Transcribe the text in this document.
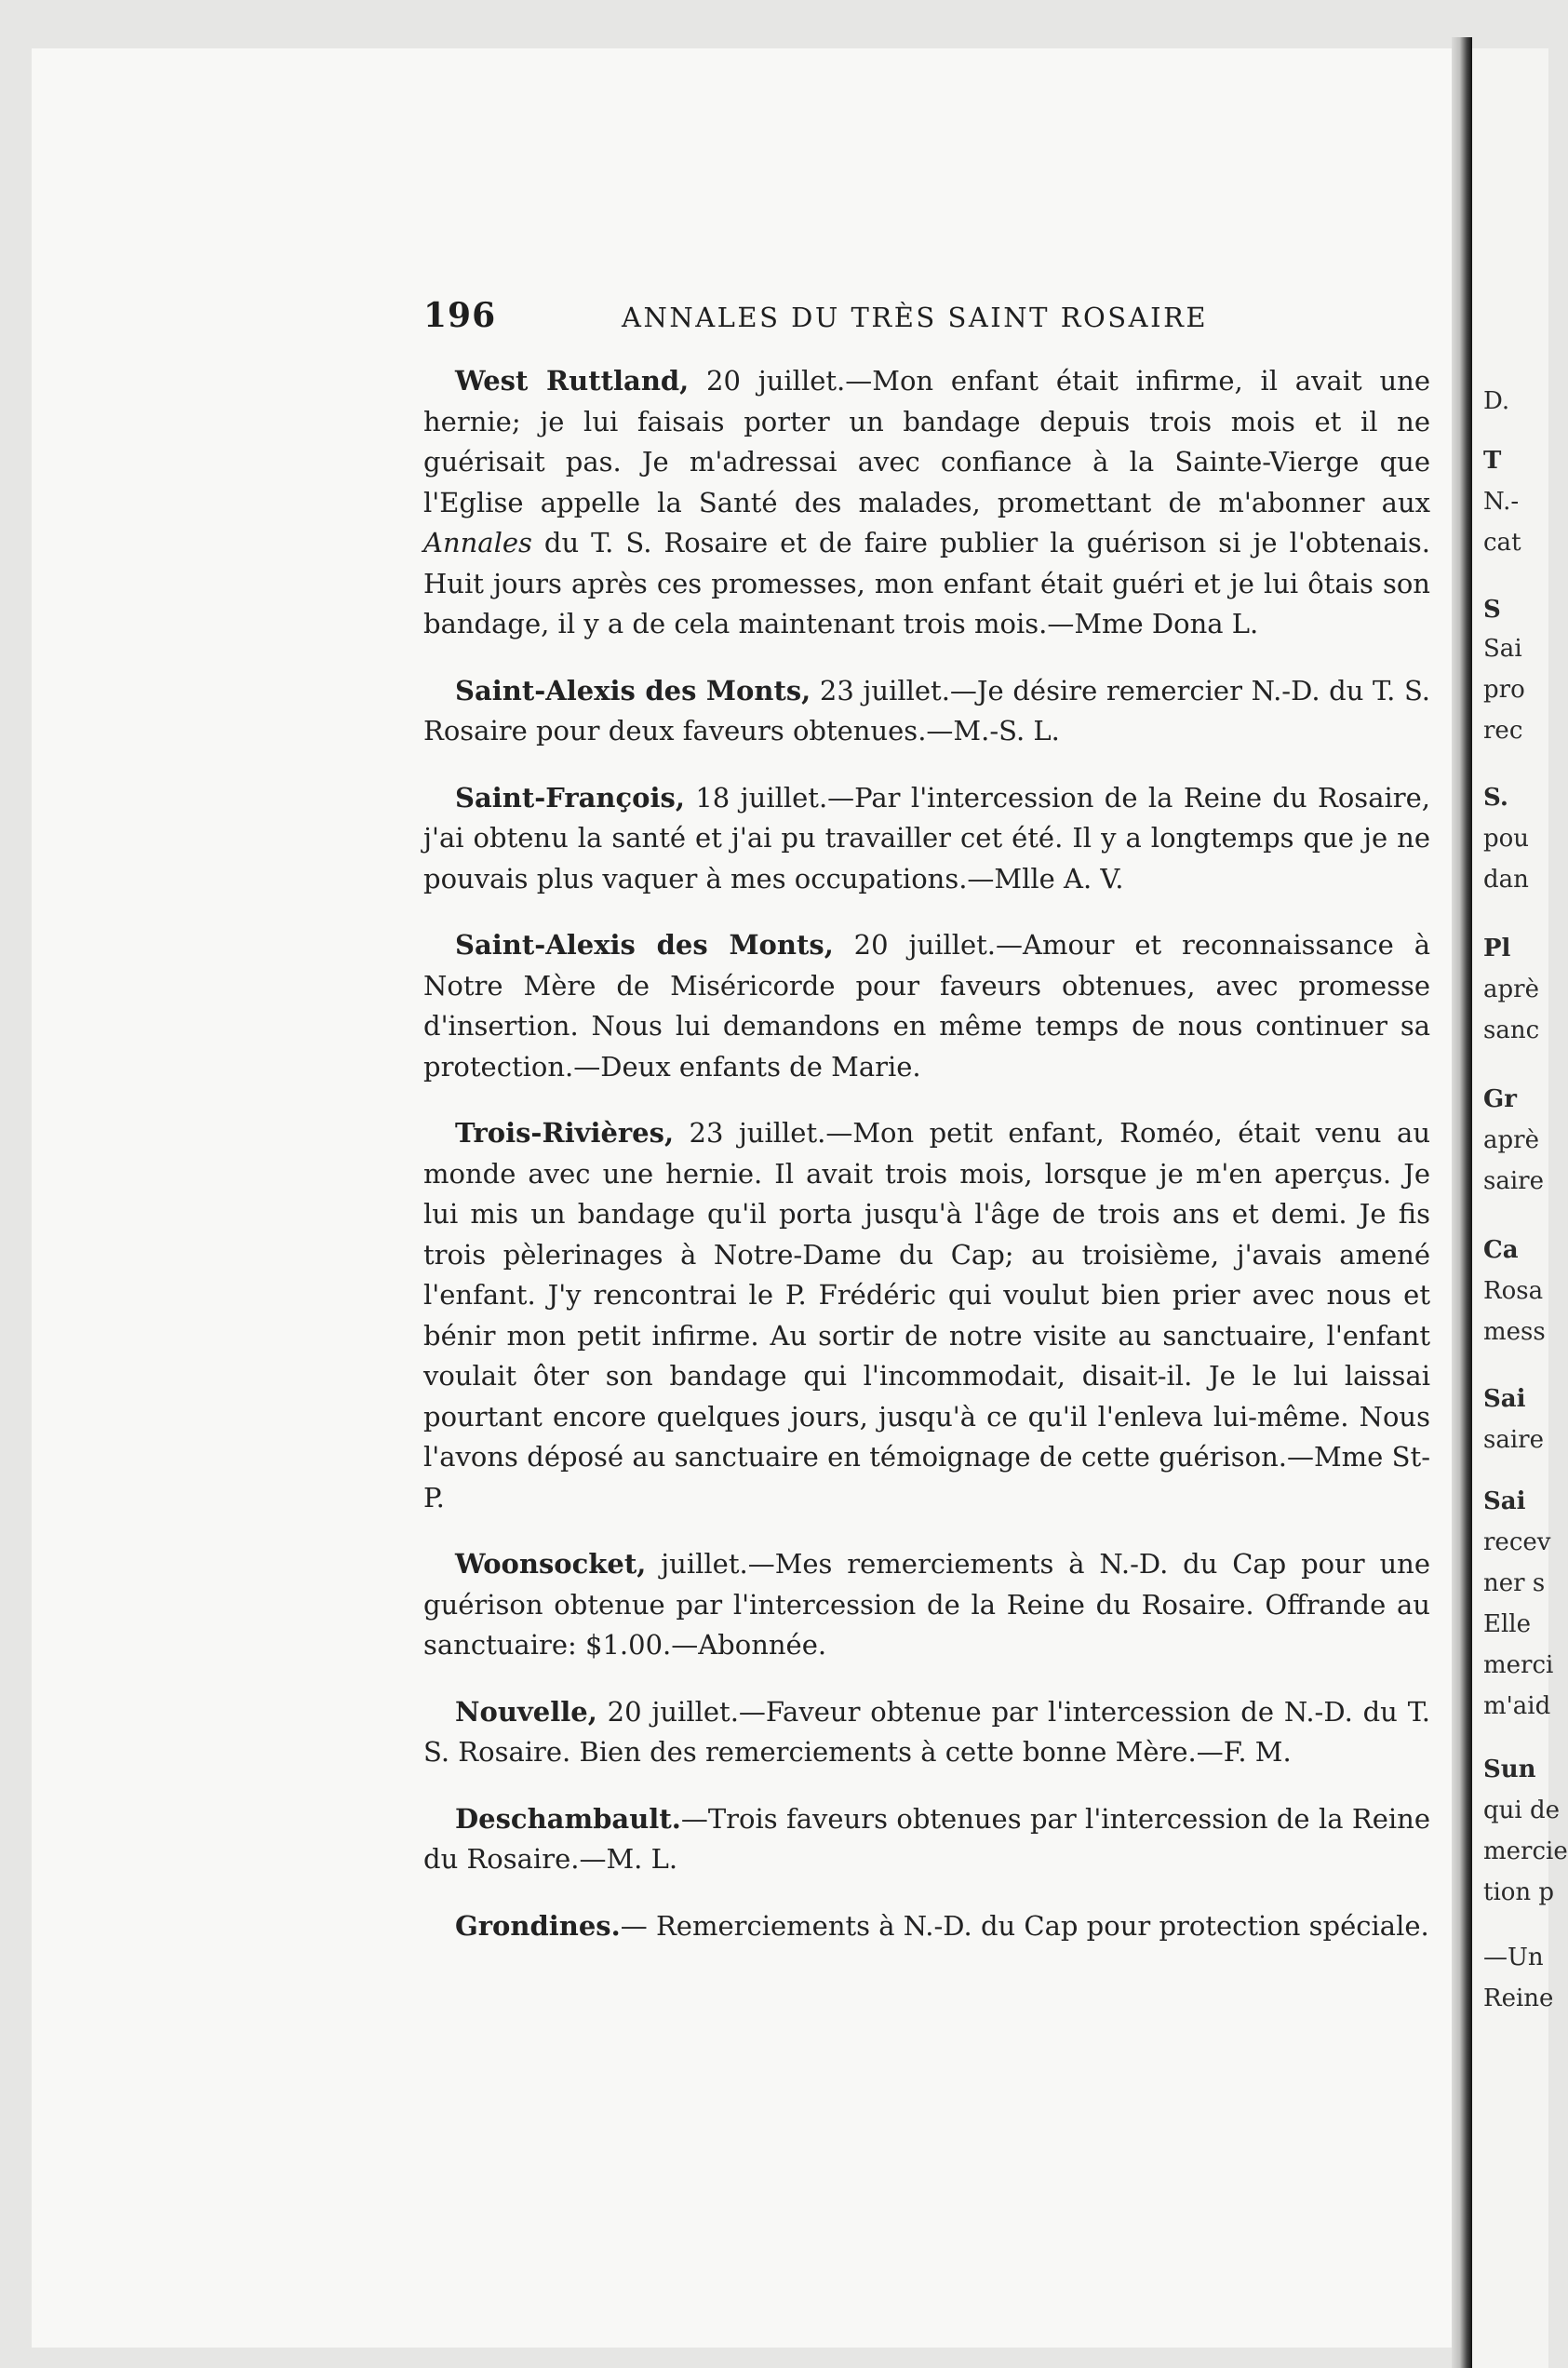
D.
T
N.-
cat
S
Sai
pro
rec
S.
pou
dan
Pl
aprè
sanc
Gr
aprè
saire
Ca
Rosa
mess
Sai
saire
Sai
recev
ner s
Elle
merci
m'aid
Sun
qui de
mercie
tion p
—Un
Reine
196	ANNALES DU TRÈS SAINT ROSAIRE

West Ruttland, 20 juillet.—Mon enfant était infirme, il avait une hernie; je lui faisais porter un bandage depuis trois mois et il ne guérisait pas. Je m'adressai avec confiance à la Sainte-Vierge que l'Eglise appelle la Santé des malades, promettant de m'abonner aux Annales du T. S. Rosaire et de faire publier la guérison si je l'obtenais. Huit jours après ces promesses, mon enfant était guéri et je lui ôtais son bandage, il y a de cela maintenant trois mois.—Mme Dona L.

Saint-Alexis des Monts, 23 juillet.—Je désire remercier N.-D. du T. S. Rosaire pour deux faveurs obtenues.—M.-S. L.

Saint-François, 18 juillet.—Par l'intercession de la Reine du Rosaire, j'ai obtenu la santé et j'ai pu travailler cet été. Il y a longtemps que je ne pouvais plus vaquer à mes occupations.—Mlle A. V.

Saint-Alexis des Monts, 20 juillet.—Amour et reconnaissance à Notre Mère de Miséricorde pour faveurs obtenues, avec promesse d'insertion. Nous lui demandons en même temps de nous continuer sa protection.—Deux enfants de Marie.

Trois-Rivières, 23 juillet.—Mon petit enfant, Roméo, était venu au monde avec une hernie. Il avait trois mois, lorsque je m'en aperçus. Je lui mis un bandage qu'il porta jusqu'à l'âge de trois ans et demi. Je fis trois pèlerinages à Notre-Dame du Cap; au troisième, j'avais amené l'enfant. J'y rencontrai le P. Frédéric qui voulut bien prier avec nous et bénir mon petit infirme. Au sortir de notre visite au sanctuaire, l'enfant voulait ôter son bandage qui l'incommodait, disait-il. Je le lui laissai pourtant encore quelques jours, jusqu'à ce qu'il l'enleva lui-même. Nous l'avons déposé au sanctuaire en témoignage de cette guérison.—Mme St-P.

Woonsocket, juillet.—Mes remerciements à N.-D. du Cap pour une guérison obtenue par l'intercession de la Reine du Rosaire. Offrande au sanctuaire: $1.00.—Abonnée.

Nouvelle, 20 juillet.—Faveur obtenue par l'intercession de N.-D. du T. S. Rosaire. Bien des remerciements à cette bonne Mère.—F. M.

Deschambault.—Trois faveurs obtenues par l'intercession de la Reine du Rosaire.—M. L.

Grondines.— Remerciements à N.-D. du Cap pour protection spéciale.
